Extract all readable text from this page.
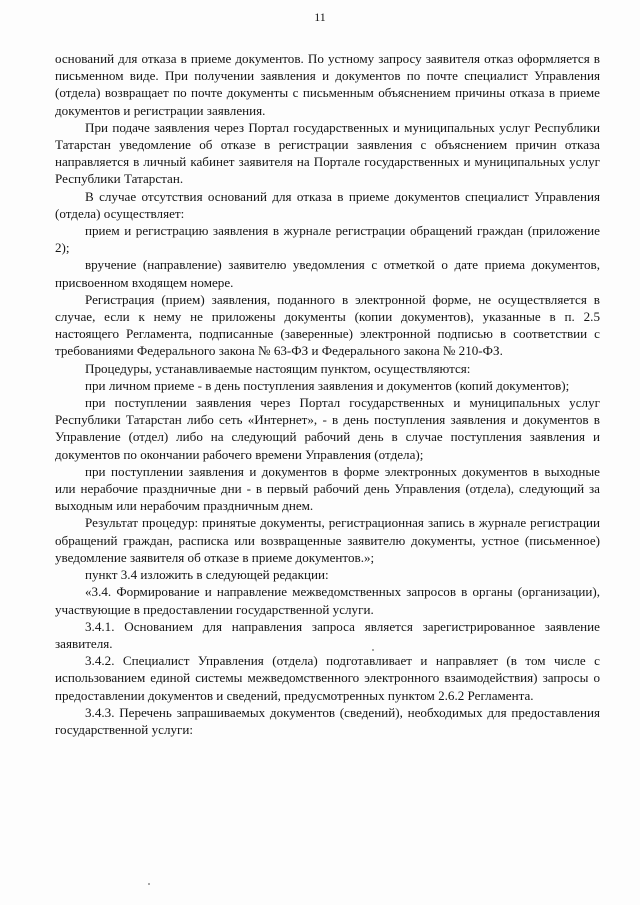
11

оснований для отказа в приеме документов. По устному запросу заявителя отказ оформляется в письменном виде. При получении заявления и документов по почте специалист Управления (отдела) возвращает по почте документы с письменным объяснением причины отказа в приеме документов и регистрации заявления.

При подаче заявления через Портал государственных и муниципальных услуг Республики Татарстан уведомление об отказе в регистрации заявления с объяснением причин отказа направляется в личный кабинет заявителя на Портале государственных и муниципальных услуг Республики Татарстан.

В случае отсутствия оснований для отказа в приеме документов специалист Управления (отдела) осуществляет:

прием и регистрацию заявления в журнале регистрации обращений граждан (приложение 2);

вручение (направление) заявителю уведомления с отметкой о дате приема документов, присвоенном входящем номере.

Регистрация (прием) заявления, поданного в электронной форме, не осуществляется в случае, если к нему не приложены документы (копии документов), указанные в п. 2.5 настоящего Регламента, подписанные (заверенные) электронной подписью в соответствии с требованиями Федерального закона № 63-ФЗ и Федерального закона № 210-ФЗ.

Процедуры, устанавливаемые настоящим пунктом, осуществляются:

при личном приеме - в день поступления заявления и документов (копий документов);

при поступлении заявления через Портал государственных и муниципальных услуг Республики Татарстан либо сеть «Интернет», - в день поступления заявления и документов в Управление (отдел) либо на следующий рабочий день в случае поступления заявления и документов по окончании рабочего времени Управления (отдела);

при поступлении заявления и документов в форме электронных документов в выходные или нерабочие праздничные дни - в первый рабочий день Управления (отдела), следующий за выходным или нерабочим праздничным днем.

Результат процедур: принятые документы, регистрационная запись в журнале регистрации обращений граждан, расписка или возвращенные заявителю документы, устное (письменное) уведомление заявителя об отказе в приеме документов.»;

пункт 3.4 изложить в следующей редакции:

«3.4. Формирование и направление межведомственных запросов в органы (организации), участвующие в предоставлении государственной услуги.

3.4.1. Основанием для направления запроса является зарегистрированное заявление заявителя.

3.4.2. Специалист Управления (отдела) подготавливает и направляет (в том числе с использованием единой системы межведомственного электронного взаимодействия) запросы о предоставлении документов и сведений, предусмотренных пунктом 2.6.2 Регламента.

3.4.3. Перечень запрашиваемых документов (сведений), необходимых для предоставления государственной услуги:
